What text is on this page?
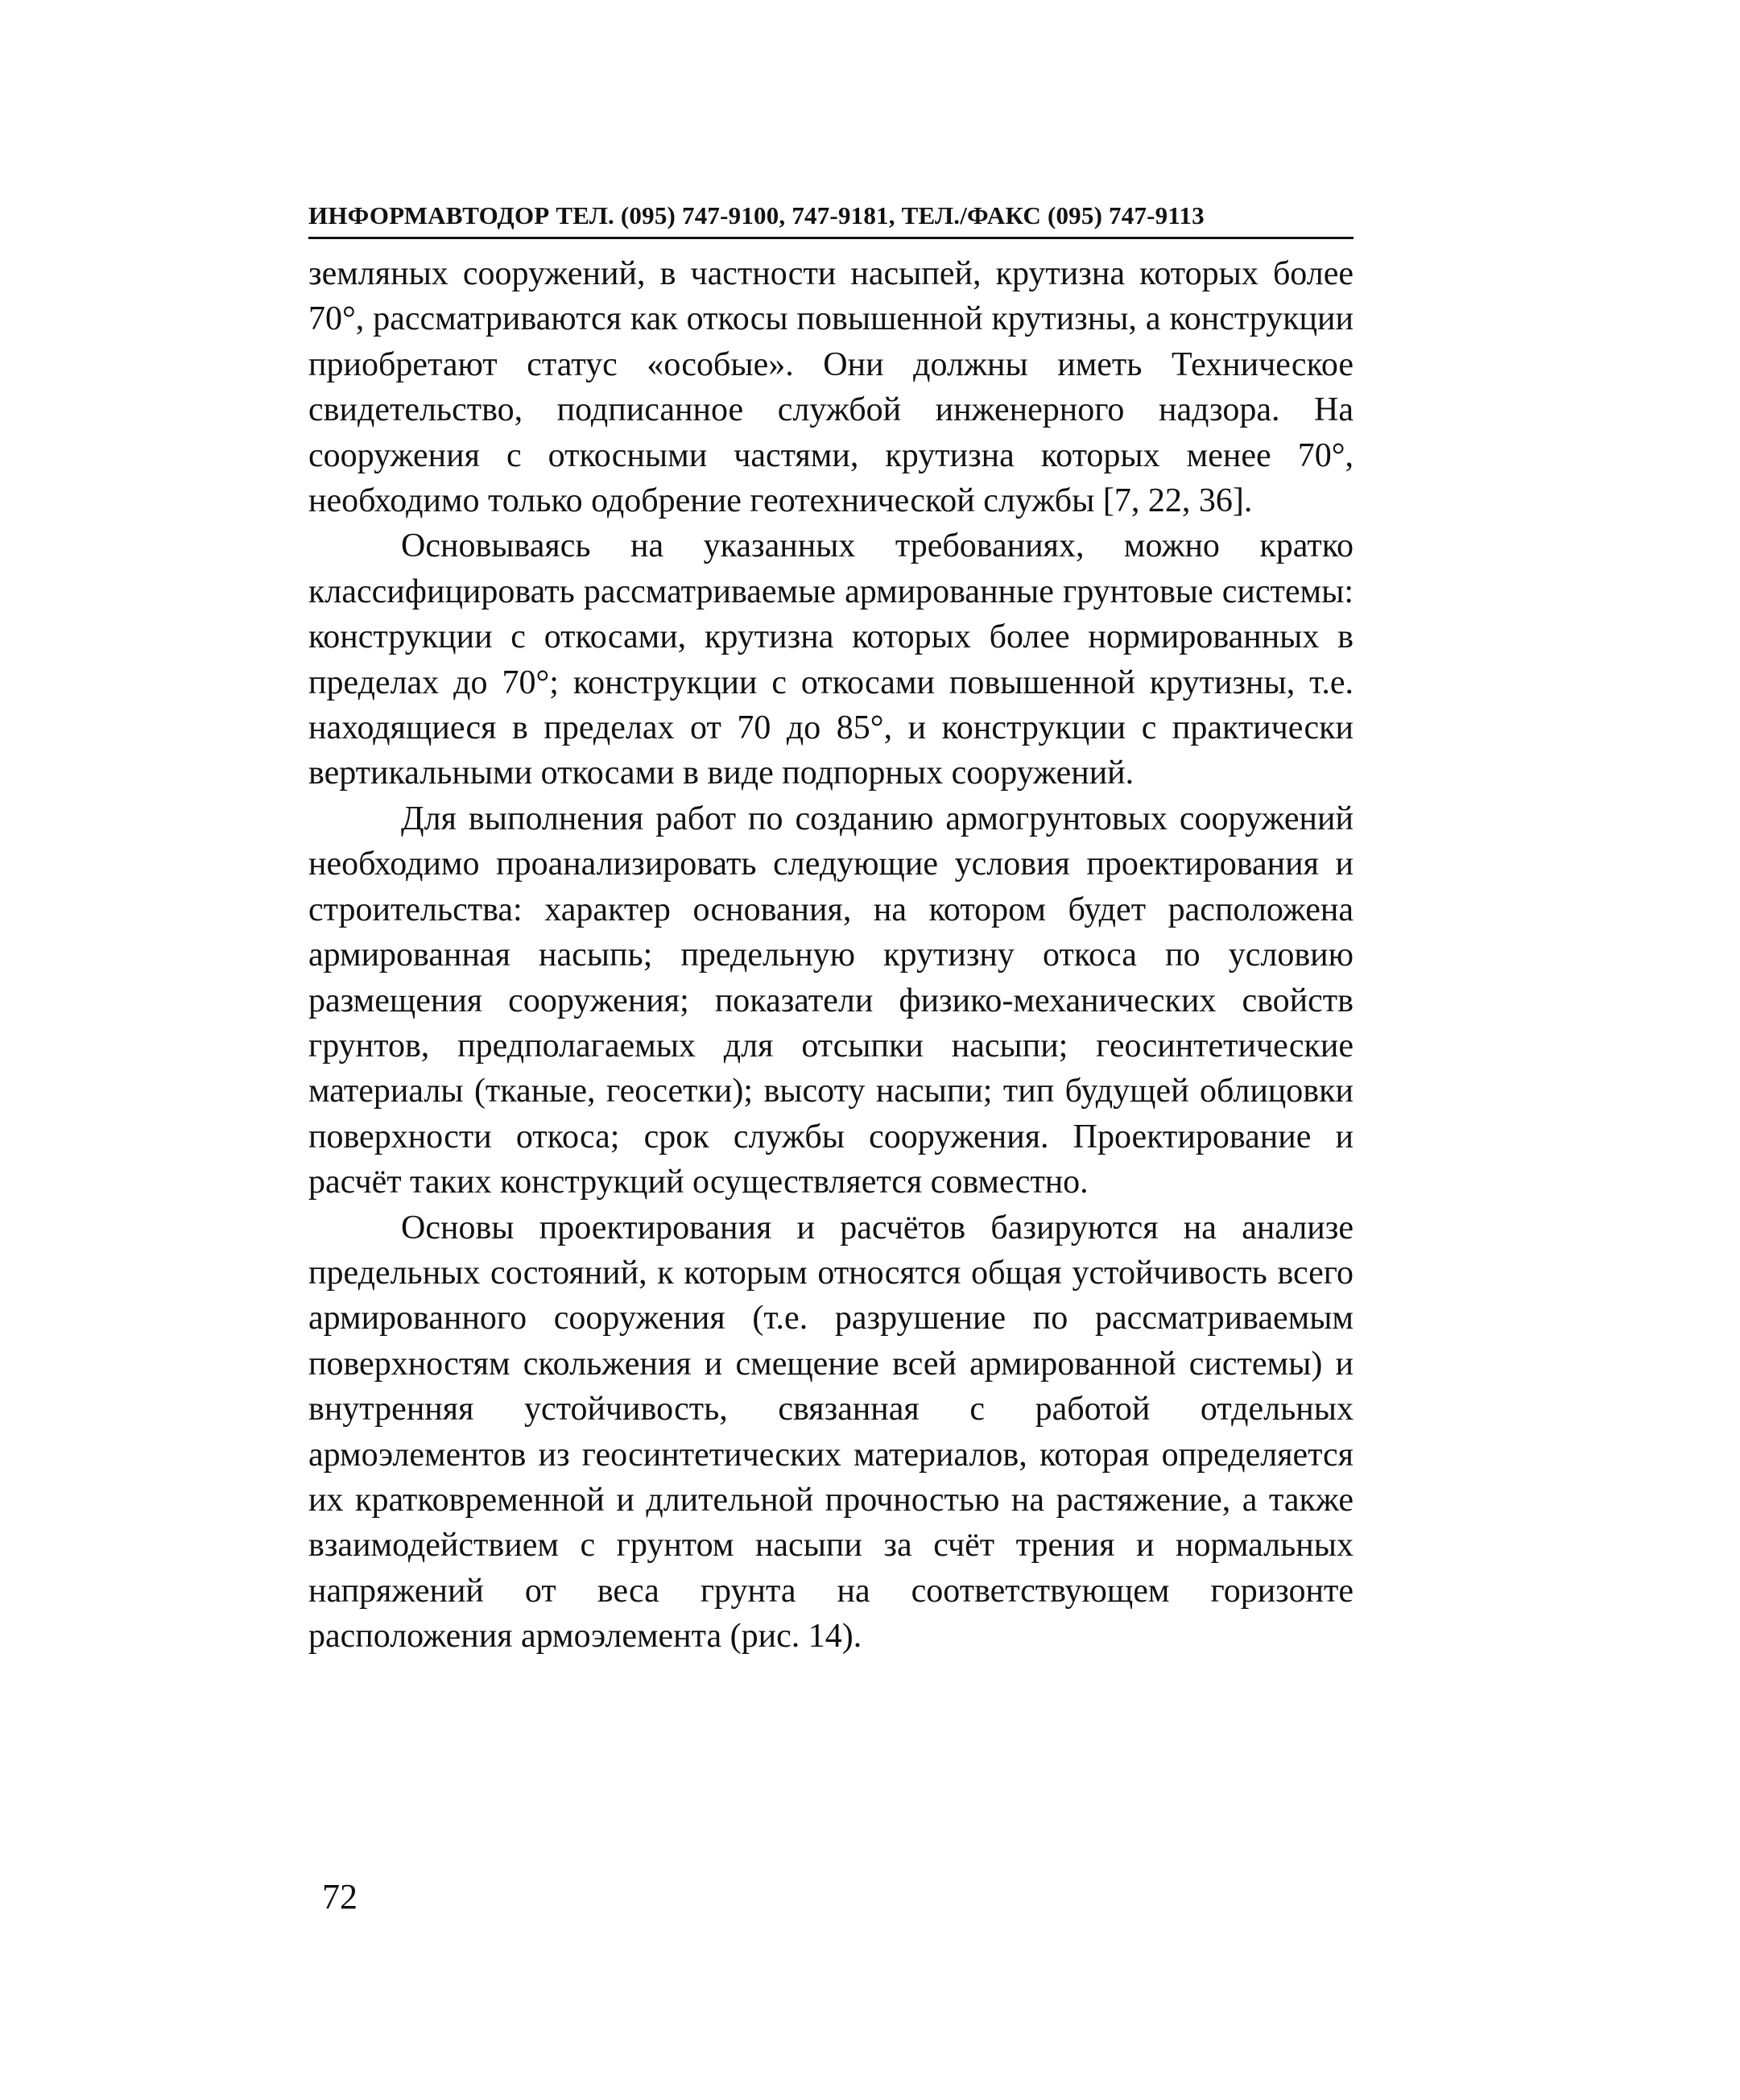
ИНФОРМАВТОДОР ТЕЛ. (095) 747-9100, 747-9181, ТЕЛ./ФАКС (095) 747-9113

земляных сооружений, в частности насыпей, крутизна которых более 70°, рассматриваются как откосы повышенной крутизны, а конструкции приобретают статус «особые». Они должны иметь Техническое свидетельство, подписанное службой инженерного надзора. На сооружения с откосными частями, крутизна которых менее 70°, необходимо только одобрение геотехнической службы [7, 22, 36].

Основываясь на указанных требованиях, можно кратко классифицировать рассматриваемые армированные грунтовые системы: конструкции с откосами, крутизна которых более нормированных в пределах до 70°; конструкции с откосами повышенной крутизны, т.е. находящиеся в пределах от 70 до 85°, и конструкции с практически вертикальными откосами в виде подпорных сооружений.

Для выполнения работ по созданию армогрунтовых сооружений необходимо проанализировать следующие условия проектирования и строительства: характер основания, на котором будет расположена армированная насыпь; предельную крутизну откоса по условию размещения сооружения; показатели физико-механических свойств грунтов, предполагаемых для отсыпки насыпи; геосинтетические материалы (тканые, геосетки); высоту насыпи; тип будущей облицовки поверхности откоса; срок службы сооружения. Проектирование и расчёт таких конструкций осуществляется совместно.

Основы проектирования и расчётов базируются на анализе предельных состояний, к которым относятся общая устойчивость всего армированного сооружения (т.е. разрушение по рассматриваемым поверхностям скольжения и смещение всей армированной системы) и внутренняя устойчивость, связанная с работой отдельных армоэлементов из геосинтетических материалов, которая определяется их кратковременной и длительной прочностью на растяжение, а также взаимодействием с грунтом насыпи за счёт трения и нормальных напряжений от веса грунта на соответствующем горизонте расположения армоэлемента (рис. 14).

72
